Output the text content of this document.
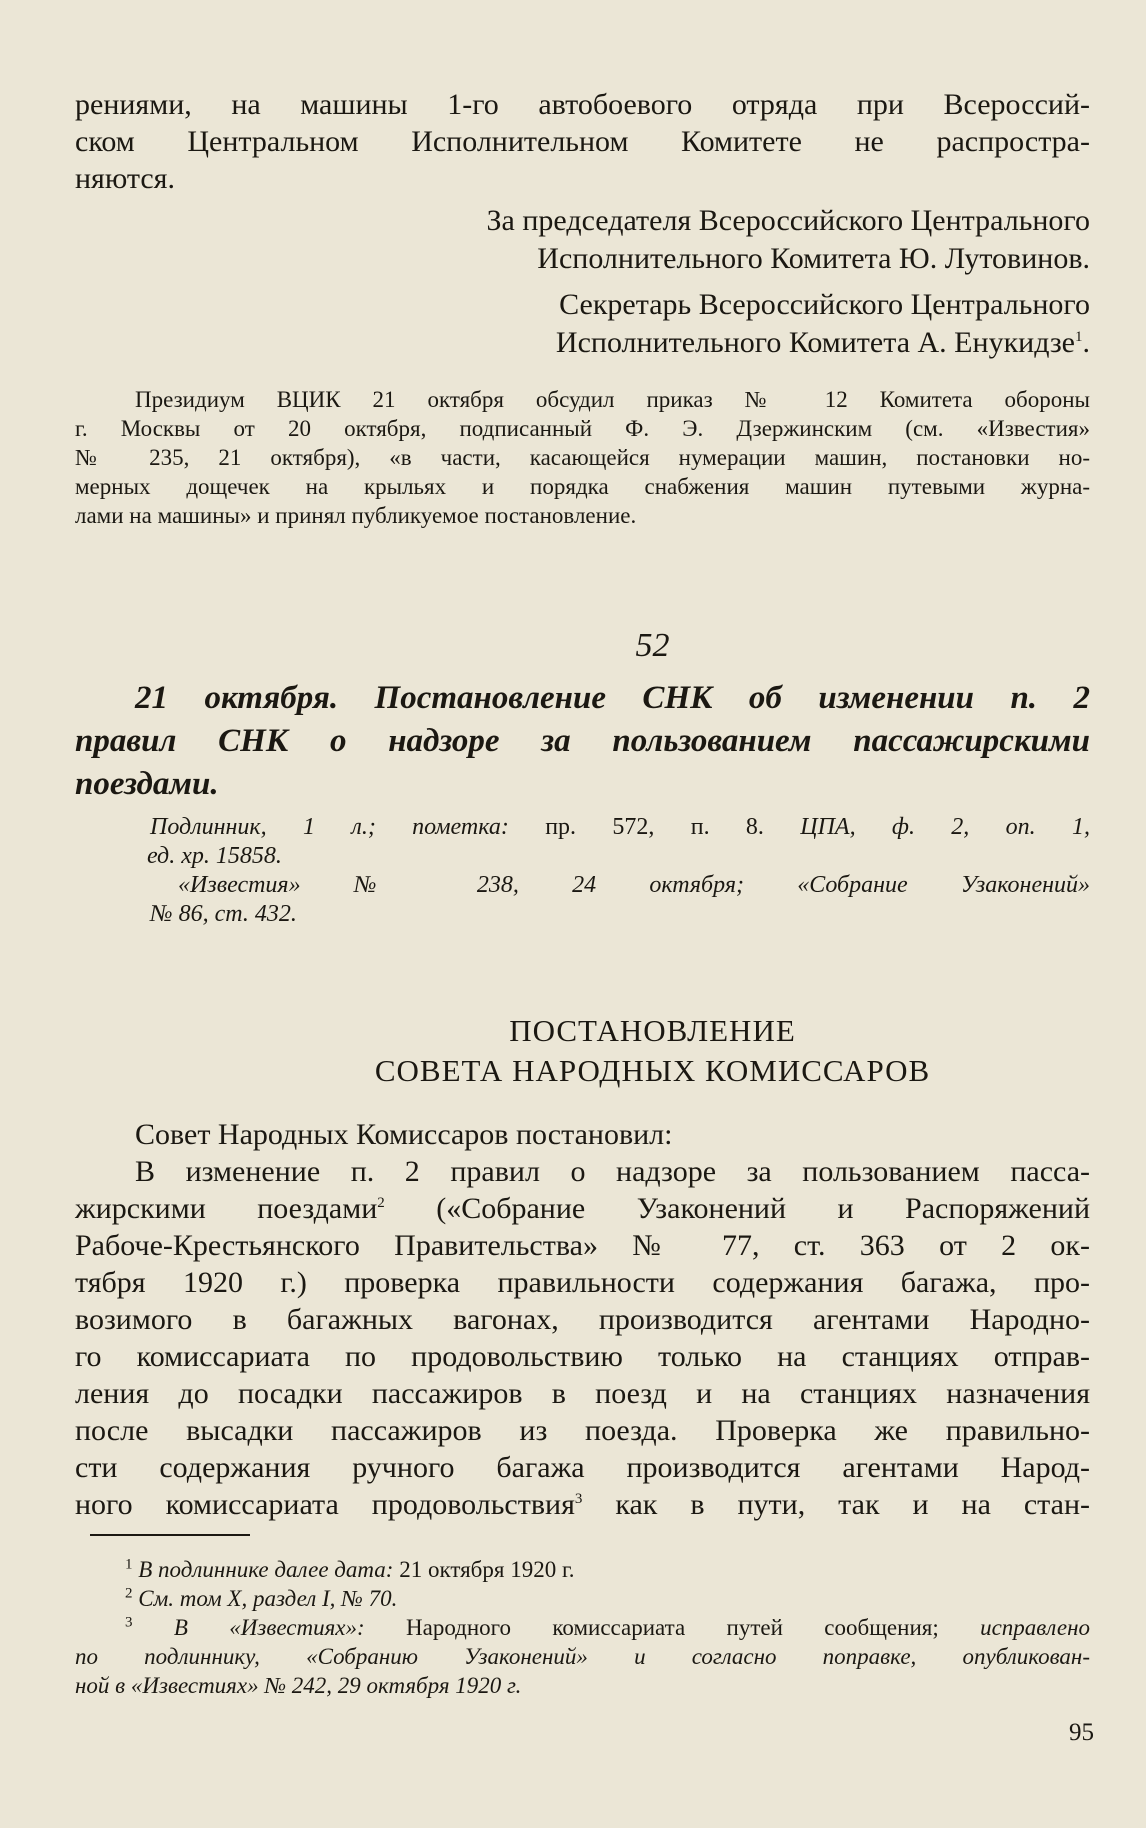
рениями, на машины 1-го автобоевого отряда при Всероссий-
ском Центральном Исполнительном Комитете не распростра-
няются.
За председателя Всероссийского Центрального
Исполнительного Комитета Ю. Лутовинов.
Секретарь Всероссийского Центрального
Исполнительного Комитета А. Енукидзе$^1$.
Президиум ВЦИК 21 октября обсудил приказ № 12 Комитета обороны
г. Москвы от 20 октября, подписанный Ф. Э. Дзержинским (см. «Известия»
№ 235, 21 октября), «в части, касающейся нумерации машин, постановки но-
мерных дощечек на крыльях и порядка снабжения машин путевыми журна-
лами на машины» и принял публикуемое постановление.
52
21 октября. Постановление СНК об изменении п. 2
правил СНК о надзоре за пользованием пассажирскими
поездами.
Подлинник, 1 л.; пометка: пр. 572, п. 8. ЦПА, ф. 2, оп. 1,
ед. хр. 15858.
«Известия» № 238, 24 октября; «Собрание Узаконений»
№ 86, ст. 432.
ПОСТАНОВЛЕНИЕ
СОВЕТА НАРОДНЫХ КОМИССАРОВ
Совет Народных Комиссаров постановил:
В изменение п. 2 правил о надзоре за пользованием пасса-
жирскими поездами$^2$ («Собрание Узаконений и Распоряжений
Рабоче-Крестьянского Правительства» № 77, ст. 363 от 2 ок-
тября 1920 г.) проверка правильности содержания багажа, про-
возимого в багажных вагонах, производится агентами Народно-
го комиссариата по продовольствию только на станциях отправ-
ления до посадки пассажиров в поезд и на станциях назначения
после высадки пассажиров из поезда. Проверка же правильно-
сти содержания ручного багажа производится агентами Народ-
ного комиссариата продовольствия$^3$ как в пути, так и на стан-
$^1$ В подлиннике далее дата: 21 октября 1920 г.
$^2$ См. том X, раздел I, № 70.
$^3$ В «Известиях»: Народного комиссариата путей сообщения; исправлено
по подлиннику, «Собранию Узаконений» и согласно поправке, опубликован-
ной в «Известиях» № 242, 29 октября 1920 г.
95
